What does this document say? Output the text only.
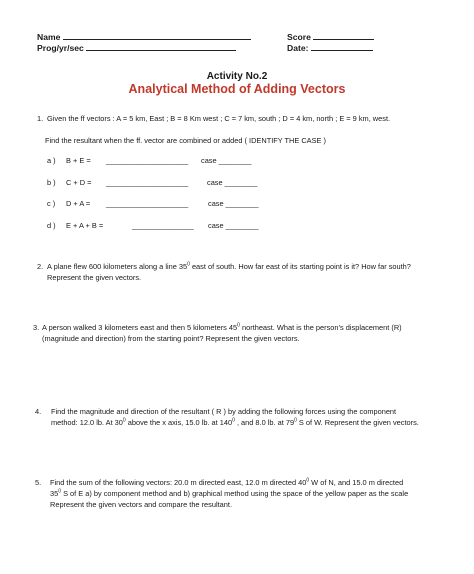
Name
Prog/yr/sec
Score
Date:
Activity No.2
Analytical Method of Adding Vectors
1. Given the ff vectors : A = 5 km, East ; B = 8 Km west ; C = 7 km, south ; D = 4 km, north ; E = 9 km, west.
Find the resultant when the ff. vector are combined or added ( IDENTIFY THE CASE )
a ) B + E = ____________________ case ________
b ) C + D = ____________________	case ________
c ) D + A = ____________________	case ________
d ) E + A + B =	_______________ case ________
2. A plane flew 600 kilometers along a line $35^0$ east of south. How far east of its starting point is it? How far south?
Represent the given vectors.
3. A person walked 3 kilometers east and then 5 kilometers $45^0$ northeast. What is the person’s displacement (R)
(magnitude and direction) from the starting point? Represent the given vectors.
4. Find the magnitude and direction of the resultant ( R ) by adding the following forces using the component
method: 12.0 lb. At $30^0$ above the x axis, 15.0 lb. at $140^0$ , and 8.0 lb. at $79^0$ S of W. Represent the given vectors.
5. Find the sum of the following vectors: 20.0 m directed east, 12.0 m directed $40^0$ W of N, and 15.0 m directed
$35^0$ S of E a) by component method and b) graphical method using the space of the yellow paper as the scale
Represent the given vectors and compare the resultant.
